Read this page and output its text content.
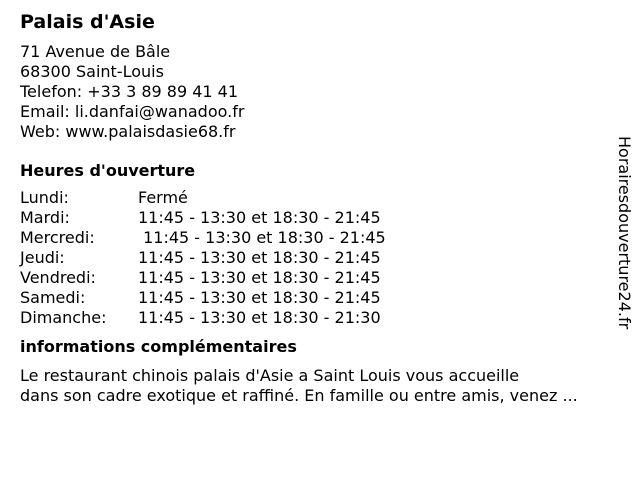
Palais d'Asie
71 Avenue de Bâle
68300 Saint-Louis
Telefon: +33 3 89 89 41 41
Email: li.danfai@wanadoo.fr
Web: www.palaisdasie68.fr
Heures d'ouverture
Lundi:	Fermé
Mardi:	11:45 - 13:30 et 18:30 - 21:45
Mercredi:	11:45 - 13:30 et 18:30 - 21:45
Jeudi:	11:45 - 13:30 et 18:30 - 21:45
Vendredi:	11:45 - 13:30 et 18:30 - 21:45
Samedi:	11:45 - 13:30 et 18:30 - 21:45
Dimanche:	11:45 - 13:30 et 18:30 - 21:30
informations complémentaires
Le restaurant chinois palais d'Asie a Saint Louis vous accueille
dans son cadre exotique et raffiné. En famille ou entre amis, venez ...
Horairesdouverture24.fr
